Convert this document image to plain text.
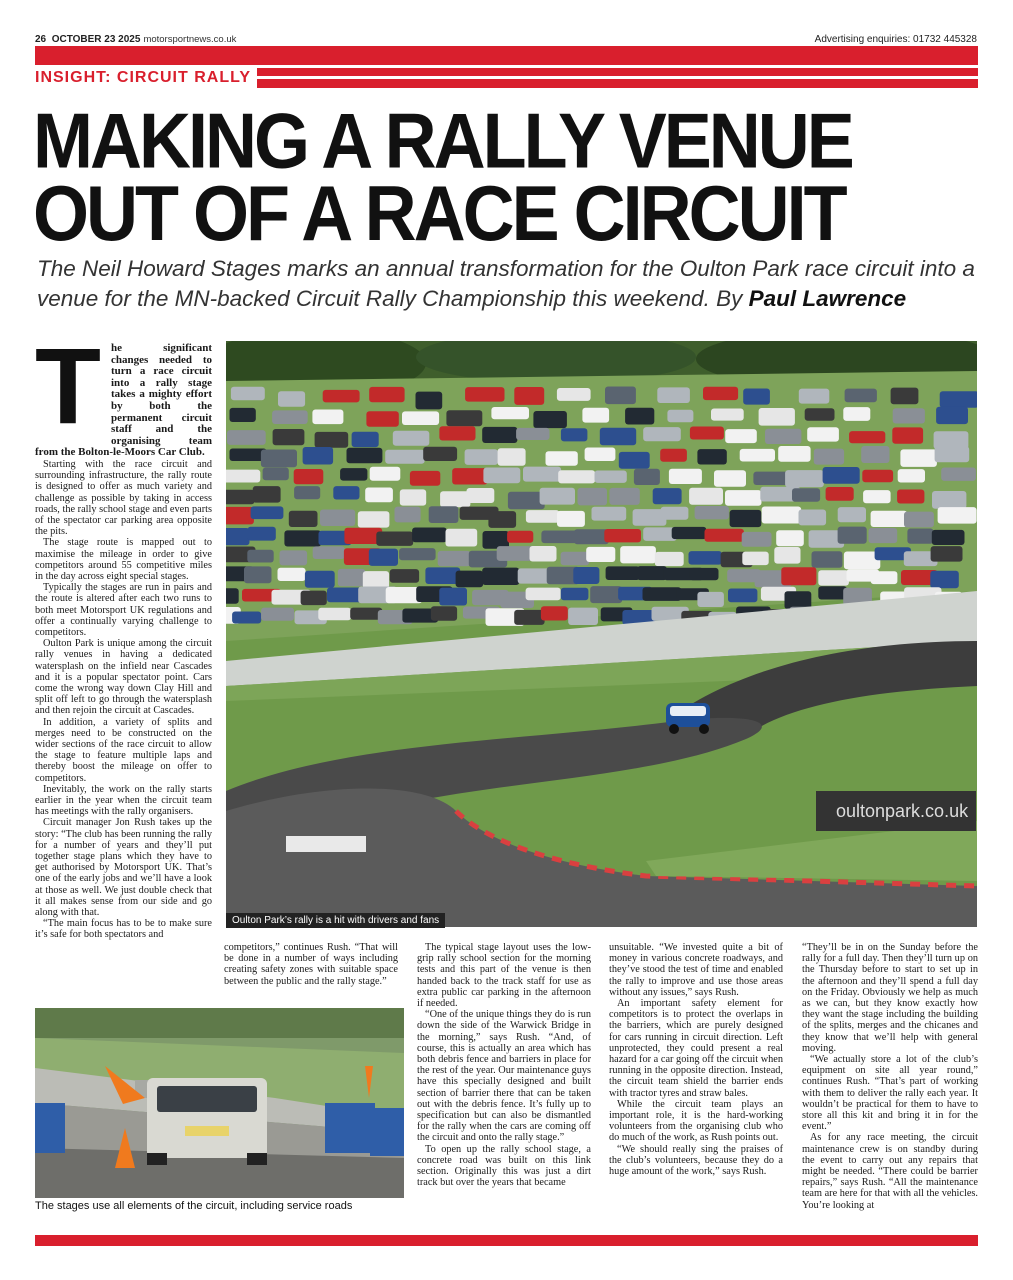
26 OCTOBER 23 2025 motorsportnews.co.uk	Advertising enquiries: 01732 445328
INSIGHT: CIRCUIT RALLY
MAKING A RALLY VENUE
OUT OF A RACE CIRCUIT
The Neil Howard Stages marks an annual transformation for the Oulton Park race circuit into a venue for the MN-backed Circuit Rally Championship this weekend. By Paul Lawrence
T he significant changes needed to turn a race circuit into a rally stage takes a mighty effort by both the permanent circuit staff and the organising team from the Bolton-le-Moors Car Club.

Starting with the race circuit and surrounding infrastructure, the rally route is designed to offer as much variety and challenge as possible by taking in access roads, the rally school stage and even parts of the spectator car parking area opposite the pits.

The stage route is mapped out to maximise the mileage in order to give competitors around 55 competitive miles in the day across eight special stages.

Typically the stages are run in pairs and the route is altered after each two runs to both meet Motorsport UK regulations and offer a continually varying challenge to competitors.

Oulton Park is unique among the circuit rally venues in having a dedicated watersplash on the infield near Cascades and it is a popular spectator point. Cars come the wrong way down Clay Hill and split off left to go through the watersplash and then rejoin the circuit at Cascades.

In addition, a variety of splits and merges need to be constructed on the wider sections of the race circuit to allow the stage to feature multiple laps and thereby boost the mileage on offer to competitors.

Inevitably, the work on the rally starts earlier in the year when the circuit team has meetings with the rally organisers.

Circuit manager Jon Rush takes up the story: “The club has been running the rally for a number of years and they’ll put together stage plans which they have to get authorised by Motorsport UK. That’s one of the early jobs and we’ll have a look at those as well. We just double check that it all makes sense from our side and go along with that.

“The main focus has to be to make sure it’s safe for both spectators and

oultonpark.co.uk
Oulton Park’s rally is a hit with drivers and fans

competitors,” continues Rush. “That will be done in a number of ways including creating safety zones with suitable space between the public and the rally stage.”

The typical stage layout uses the low-grip rally school section for the morning tests and this part of the venue is then handed back to the track staff for use as extra public car parking in the afternoon if needed.

“One of the unique things they do is run down the side of the Warwick Bridge in the morning,” says Rush. “And, of course, this is actually an area which has both debris fence and barriers in place for the rest of the year. Our maintenance guys have this specially designed and built section of barrier there that can be taken out with the debris fence. It’s fully up to specification but can also be dismantled for the rally when the cars are coming off the circuit and onto the rally stage.”

To open up the rally school stage, a concrete road was built on this link section. Originally this was just a dirt track but over the years that became

unsuitable. “We invested quite a bit of money in various concrete roadways, and they’ve stood the test of time and enabled the rally to improve and use those areas without any issues,” says Rush.

An important safety element for competitors is to protect the overlaps in the barriers, which are purely designed for cars running in circuit direction. Left unprotected, they could present a real hazard for a car going off the circuit when running in the opposite direction. Instead, the circuit team shield the barrier ends with tractor tyres and straw bales.

While the circuit team plays an important role, it is the hard-working volunteers from the organising club who do much of the work, as Rush points out.

“We should really sing the praises of the club’s volunteers, because they do a huge amount of the work,” says Rush.

“They’ll be in on the Sunday before the rally for a full day. Then they’ll turn up on the Thursday before to start to set up in the afternoon and they’ll spend a full day on the Friday. Obviously we help as much as we can, but they know exactly how they want the stage including the building of the splits, merges and the chicanes and they know that we’ll help with general moving.

“We actually store a lot of the club’s equipment on site all year round,” continues Rush. “That’s part of working with them to deliver the rally each year. It wouldn’t be practical for them to have to store all this kit and bring it in for the event.”

As for any race meeting, the circuit maintenance crew is on standby during the event to carry out any repairs that might be needed. “There could be barrier repairs,” says Rush. “All the maintenance team are here for that with all the vehicles. You’re looking at

The stages use all elements of the circuit, including service roads
